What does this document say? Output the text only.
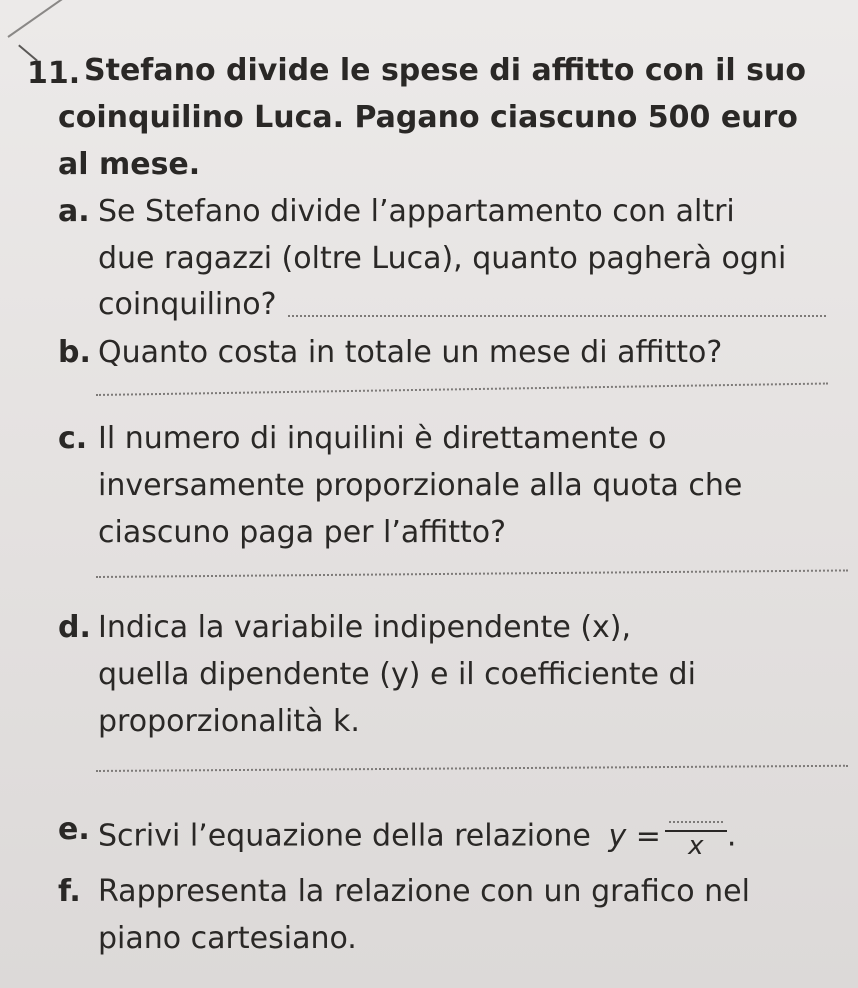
11. Stefano divide le spese di affitto con il suo
coinquilino Luca. Pagano ciascuno 500 euro
al mese.
a. Se Stefano divide l’appartamento con altri
due ragazzi (oltre Luca), quanto pagherà ogni
coinquilino?
b. Quanto costa in totale un mese di affitto?
c. Il numero di inquilini è direttamente o
inversamente proporzionale alla quota che
ciascuno paga per l’affitto?
d. Indica la variabile indipendente (x),
quella dipendente (y) e il coefficiente di
proporzionalità k.
e. Scrivi l’equazione della relazione y =	x .
f. Rappresenta la relazione con un grafico nel
piano cartesiano.
